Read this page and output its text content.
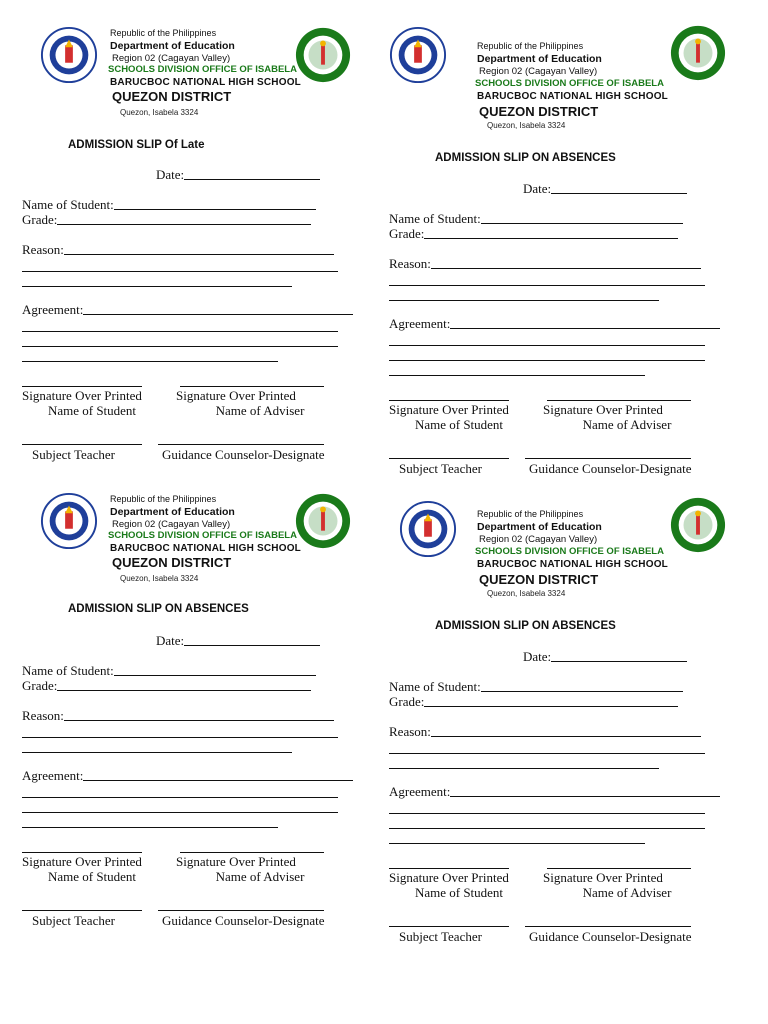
Republic of the Philippines
Department of Education
Region 02 (Cagayan Valley)
SCHOOLS DIVISION OFFICE OF ISABELA
BARUCBOC NATIONAL HIGH SCHOOL
QUEZON DISTRICT
Quezon, Isabela 3324
ADMISSION SLIP Of Late
Date:
Name of Student:
Grade:
Reason:
Agreement:
Signature Over Printed	Signature Over Printed
Name of Student	Name of Adviser
Subject Teacher	Guidance Counselor-Designate
Republic of the Philippines
Department of Education
Region 02 (Cagayan Valley)
SCHOOLS DIVISION OFFICE OF ISABELA
BARUCBOC NATIONAL HIGH SCHOOL
QUEZON DISTRICT
Quezon, Isabela 3324
ADMISSION SLIP ON ABSENCES
Date:
Name of Student:
Grade:
Reason:
Agreement:
Signature Over Printed	Signature Over Printed
Name of Student	Name of Adviser
Subject Teacher	Guidance Counselor-Designate
Republic of the Philippines
Department of Education
Region 02 (Cagayan Valley)
SCHOOLS DIVISION OFFICE OF ISABELA
BARUCBOC NATIONAL HIGH SCHOOL
QUEZON DISTRICT
Quezon, Isabela 3324
ADMISSION SLIP ON ABSENCES
Date:
Name of Student:
Grade:
Reason:
Agreement:
Signature Over Printed	Signature Over Printed
Name of Student	Name of Adviser
Subject Teacher	Guidance Counselor-Designate
Republic of the Philippines
Department of Education
Region 02 (Cagayan Valley)
SCHOOLS DIVISION OFFICE OF ISABELA
BARUCBOC NATIONAL HIGH SCHOOL
QUEZON DISTRICT
Quezon, Isabela 3324
ADMISSION SLIP ON ABSENCES
Date:
Name of Student:
Grade:
Reason:
Agreement:
Signature Over Printed	Signature Over Printed
Name of Student	Name of Adviser
Subject Teacher	Guidance Counselor-Designate
